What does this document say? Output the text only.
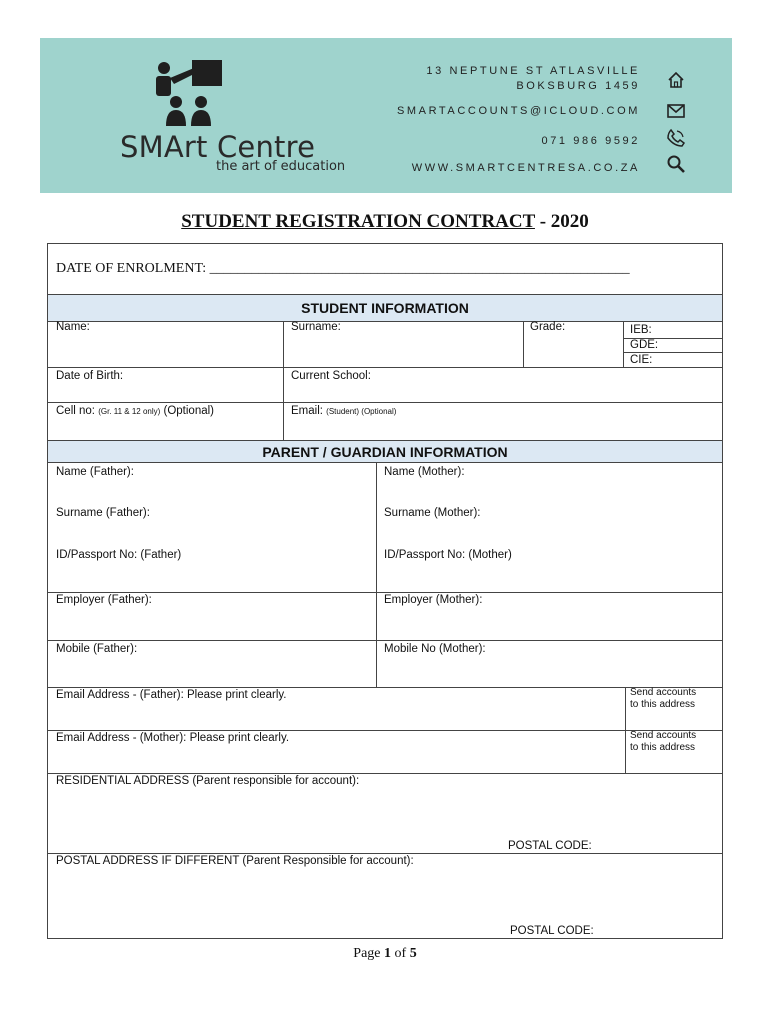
SMArt Centre
the art of education
13 NEPTUNE ST ATLASVILLE
BOKSBURG 1459
SMARTACCOUNTS@ICLOUD.COM
071 986 9592
WWW.SMARTCENTRESA.CO.ZA
STUDENT REGISTRATION CONTRACT - 2020
DATE OF ENROLMENT: ____________________________________________________________
STUDENT INFORMATION
Name:	Surname:	Grade:	IEB:
GDE:
CIE:
Date of Birth:	Current School:
Cell no: (Gr. 11 & 12 only) (Optional)	Email: (Student) (Optional)
PARENT / GUARDIAN INFORMATION
Name (Father):	Name (Mother):
Surname (Father):	Surname (Mother):
ID/Passport No: (Father)	ID/Passport No: (Mother)
Employer (Father):	Employer (Mother):
Mobile (Father):	Mobile No (Mother):
Email Address - (Father): Please print clearly.	Send accounts
to this address
Email Address - (Mother): Please print clearly.	Send accounts
to this address
RESIDENTIAL ADDRESS (Parent responsible for account):
POSTAL CODE:
POSTAL ADDRESS IF DIFFERENT (Parent Responsible for account):
POSTAL CODE:
Page 1 of 5
